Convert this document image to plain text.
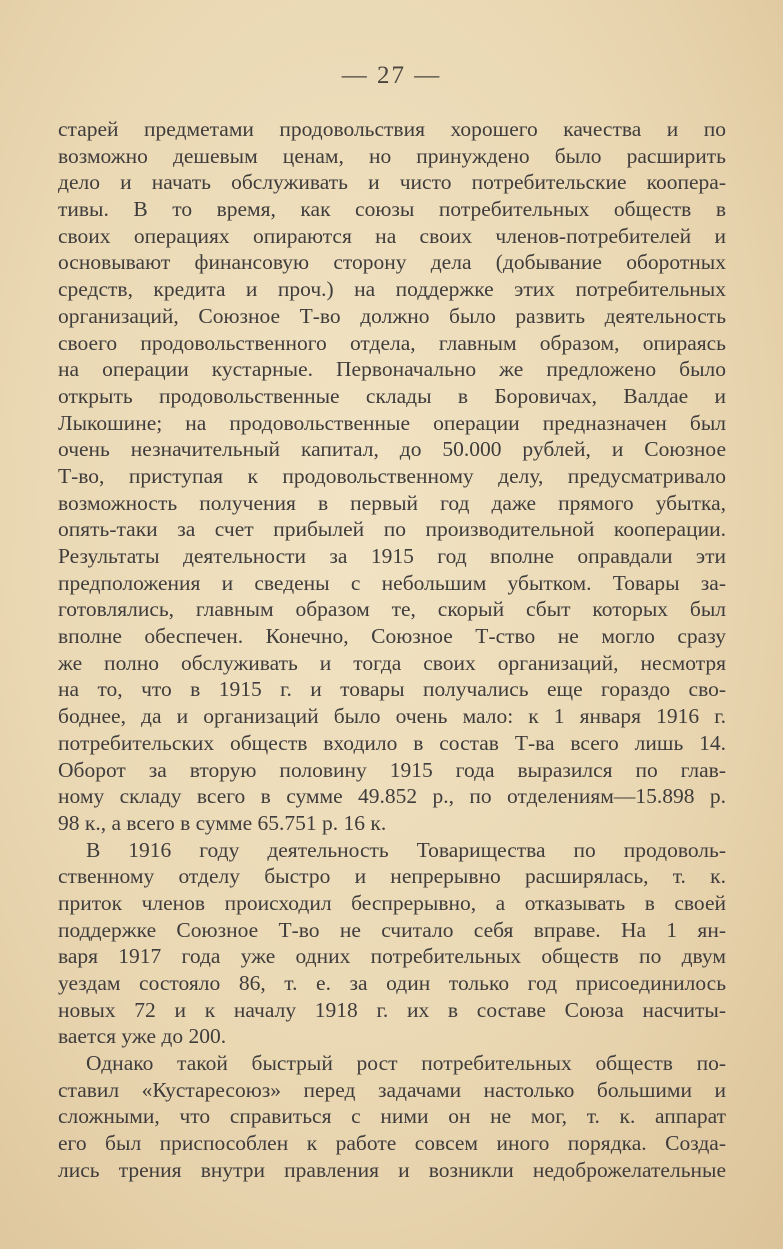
— 27 —
старей предметами продовольствия хорошего качества и по
возможно дешевым ценам, но принуждено было расширить
дело и начать обслуживать и чисто потребительские коопера-
тивы. В то время, как союзы потребительных обществ в
своих операциях опираются на своих членов-потребителей и
основывают финансовую сторону дела (добывание оборотных
средств, кредита и проч.) на поддержке этих потребительных
организаций, Союзное Т-во должно было развить деятельность
своего продовольственного отдела, главным образом, опираясь
на операции кустарные. Первоначально же предложено было
открыть продовольственные склады в Боровичах, Валдае и
Лыкошине; на продовольственные операции предназначен был
очень незначительный капитал, до 50.000 рублей, и Союзное
Т-во, приступая к продовольственному делу, предусматривало
возможность получения в первый год даже прямого убытка,
опять-таки за счет прибылей по производительной кооперации.
Результаты деятельности за 1915 год вполне оправдали эти
предположения и сведены с небольшим убытком. Товары за-
готовлялись, главным образом те, скорый сбыт которых был
вполне обеспечен. Конечно, Союзное Т-ство не могло сразу
же полно обслуживать и тогда своих организаций, несмотря
на то, что в 1915 г. и товары получались еще гораздо сво-
боднее, да и организаций было очень мало: к 1 января 1916 г.
потребительских обществ входило в состав Т-ва всего лишь 14.
Оборот за вторую половину 1915 года выразился по глав-
ному складу всего в сумме 49.852 р., по отделениям—15.898 р.
98 к., а всего в сумме 65.751 р. 16 к.
В 1916 году деятельность Товарищества по продоволь-
ственному отделу быстро и непрерывно расширялась, т. к.
приток членов происходил беспрерывно, а отказывать в своей
поддержке Союзное Т-во не считало себя вправе. На 1 ян-
варя 1917 года уже одних потребительных обществ по двум
уездам состояло 86, т. е. за один только год присоединилось
новых 72 и к началу 1918 г. их в составе Союза насчиты-
вается уже до 200.
Однако такой быстрый рост потребительных обществ по-
ставил «Кустаресоюз» перед задачами настолько большими и
сложными, что справиться с ними он не мог, т. к. аппарат
его был приспособлен к работе совсем иного порядка. Созда-
лись трения внутри правления и возникли недоброжелательные
